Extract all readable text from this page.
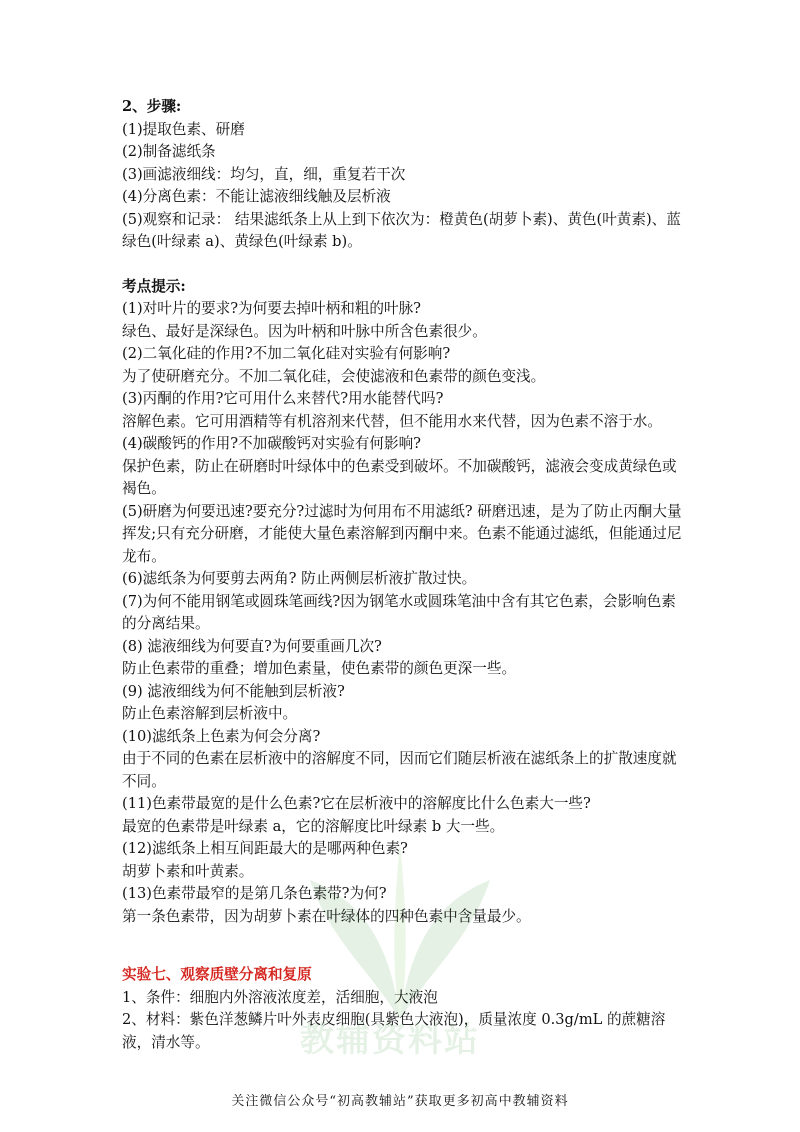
教辅资料站
2、步骤:
(1)提取色素、研磨
(2)制备滤纸条
(3)画滤液细线：均匀，直，细，重复若干次
(4)分离色素：不能让滤液细线触及层析液
(5)观察和记录： 结果滤纸条上从上到下依次为：橙黄色(胡萝卜素)、黄色(叶黄素)、蓝绿色(叶绿素 a)、黄绿色(叶绿素 b)。
考点提示:
(1)对叶片的要求?为何要去掉叶柄和粗的叶脉?
绿色、最好是深绿色。因为叶柄和叶脉中所含色素很少。
(2)二氧化硅的作用?不加二氧化硅对实验有何影响?
为了使研磨充分。不加二氧化硅，会使滤液和色素带的颜色变浅。
(3)丙酮的作用?它可用什么来替代?用水能替代吗?
溶解色素。它可用酒精等有机溶剂来代替，但不能用水来代替，因为色素不溶于水。
(4)碳酸钙的作用?不加碳酸钙对实验有何影响?
保护色素，防止在研磨时叶绿体中的色素受到破坏。不加碳酸钙，滤液会变成黄绿色或褐色。
(5)研磨为何要迅速?要充分?过滤时为何用布不用滤纸? 研磨迅速，是为了防止丙酮大量挥发;只有充分研磨，才能使大量色素溶解到丙酮中来。色素不能通过滤纸，但能通过尼龙布。
(6)滤纸条为何要剪去两角? 防止两侧层析液扩散过快。
(7)为何不能用钢笔或圆珠笔画线?因为钢笔水或圆珠笔油中含有其它色素，会影响色素的分离结果。
(8) 滤液细线为何要直?为何要重画几次?
防止色素带的重叠；增加色素量，使色素带的颜色更深一些。
(9) 滤液细线为何不能触到层析液?
防止色素溶解到层析液中。
(10)滤纸条上色素为何会分离?
由于不同的色素在层析液中的溶解度不同，因而它们随层析液在滤纸条上的扩散速度就不同。
(11)色素带最宽的是什么色素?它在层析液中的溶解度比什么色素大一些?
最宽的色素带是叶绿素 a，它的溶解度比叶绿素 b 大一些。
(12)滤纸条上相互间距最大的是哪两种色素?
胡萝卜素和叶黄素。
(13)色素带最窄的是第几条色素带?为何?
第一条色素带，因为胡萝卜素在叶绿体的四种色素中含量最少。
实验七、观察质壁分离和复原
1、条件：细胞内外溶液浓度差，活细胞，大液泡
2、材料：紫色洋葱鳞片叶外表皮细胞(具紫色大液泡)，质量浓度 0.3g/mL 的蔗糖溶液，清水等。
关注微信公众号“初高教辅站”获取更多初高中教辅资料
